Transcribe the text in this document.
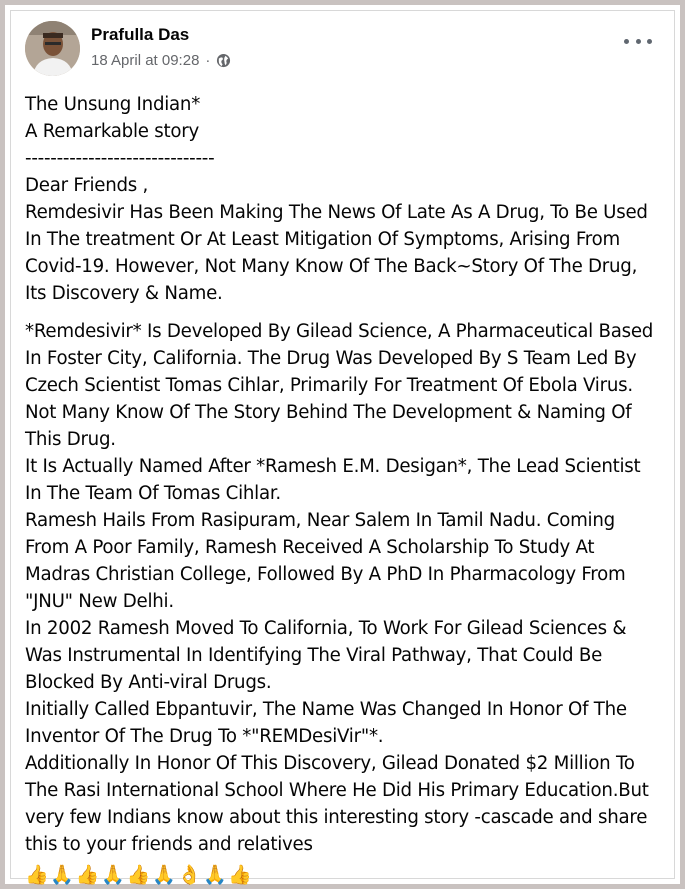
Prafulla Das
18 April at 09:28 ·
The Unsung Indian*
A Remarkable story
------------------------------
Dear Friends ,
Remdesivir Has Been Making The News Of Late As A Drug, To Be Used
In The treatment Or At Least Mitigation Of Symptoms, Arising From
Covid-19. However, Not Many Know Of The Back~Story Of The Drug,
Its Discovery & Name.
*Remdesivir* Is Developed By Gilead Science, A Pharmaceutical Based
In Foster City, California. The Drug Was Developed By S Team Led By
Czech Scientist Tomas Cihlar, Primarily For Treatment Of Ebola Virus.
Not Many Know Of The Story Behind The Development & Naming Of
This Drug.
It Is Actually Named After *Ramesh E.M. Desigan*, The Lead Scientist
In The Team Of Tomas Cihlar.
Ramesh Hails From Rasipuram, Near Salem In Tamil Nadu. Coming
From A Poor Family, Ramesh Received A Scholarship To Study At
Madras Christian College, Followed By A PhD In Pharmacology From
"JNU" New Delhi.
In 2002 Ramesh Moved To California, To Work For Gilead Sciences &
Was Instrumental In Identifying The Viral Pathway, That Could Be
Blocked By Anti-viral Drugs.
Initially Called Ebpantuvir, The Name Was Changed In Honor Of The
Inventor Of The Drug To *"REMDesiVir"*.
Additionally In Honor Of This Discovery, Gilead Donated $2 Million To
The Rasi International School Where He Did His Primary Education.But
very few Indians know about this interesting story -cascade and share
this to your friends and relatives
👍 🙏 👍 🙏 👍 🙏 👌 🙏 👍
